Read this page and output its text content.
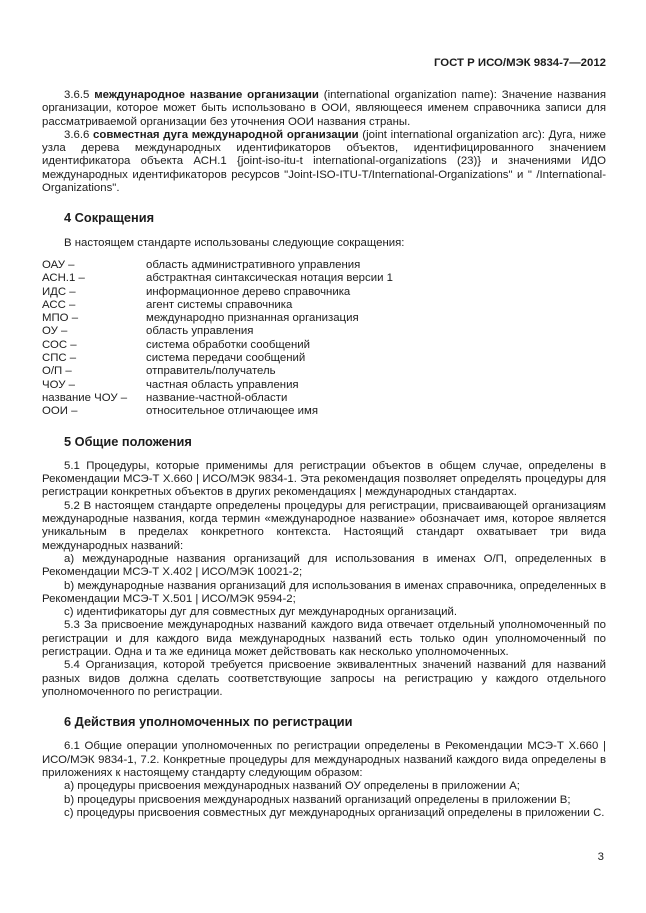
ГОСТ Р ИСО/МЭК 9834-7—2012

3.6.5 международное название организации (international organization name): Значение названия организации, которое может быть использовано в ООИ, являющееся именем справочника записи для рассматриваемой организации без уточнения ООИ названия страны.

3.6.6 совместная дуга международной организации (joint international organization arc): Дуга, ниже узла дерева международных идентификаторов объектов, идентифицированного значением идентификатора объекта АСН.1 {joint-iso-itu-t international-organizations (23)} и значениями ИДО международных идентификаторов ресурсов "Joint-ISO-ITU-T/International-Organizations" и " /International-Organizations".

4 Сокращения

В настоящем стандарте использованы следующие сокращения:

ОАУ –	область административного управления
АСН.1 –	абстрактная синтаксическая нотация версии 1
ИДС –	информационное дерево справочника
АСС –	агент системы справочника
МПО –	международно признанная организация
ОУ –	область управления
СОС –	система обработки сообщений
СПС –	система передачи сообщений
О/П –	отправитель/получатель
ЧОУ –	частная область управления
название ЧОУ –	название-частной-области
ООИ –	относительное отличающее имя
5 Общие положения

5.1 Процедуры, которые применимы для регистрации объектов в общем случае, определены в Рекомендации МСЭ-Т Х.660 | ИСО/МЭК 9834-1. Эта рекомендация позволяет определять процедуры для регистрации конкретных объектов в других рекомендациях | международных стандартах.

5.2 В настоящем стандарте определены процедуры для регистрации, присваивающей организациям международные названия, когда термин «международное название» обозначает имя, которое является уникальным в пределах конкретного контекста. Настоящий стандарт охватывает три вида международных названий:

а) международные названия организаций для использования в именах О/П, определенных в Рекомендации МСЭ-Т Х.402 | ИСО/МЭК 10021-2;

b) международные названия организаций для использования в именах справочника, определенных в Рекомендации МСЭ-Т Х.501 | ИСО/МЭК 9594-2;

с) идентификаторы дуг для совместных дуг международных организаций.

5.3 За присвоение международных названий каждого вида отвечает отдельный уполномоченный по регистрации и для каждого вида международных названий есть только один уполномоченный по регистрации. Одна и та же единица может действовать как несколько уполномоченных.

5.4 Организация, которой требуется присвоение эквивалентных значений названий для названий разных видов должна сделать соответствующие запросы на регистрацию у каждого отдельного уполномоченного по регистрации.

6 Действия уполномоченных по регистрации

6.1 Общие операции уполномоченных по регистрации определены в Рекомендации МСЭ-Т Х.660 | ИСО/МЭК 9834-1, 7.2. Конкретные процедуры для международных названий каждого вида определены в приложениях к настоящему стандарту следующим образом:

а) процедуры присвоения международных названий ОУ определены в приложении А;

b) процедуры присвоения международных названий организаций определены в приложении В;

с) процедуры присвоения совместных дуг международных организаций определены в приложении С.

3
